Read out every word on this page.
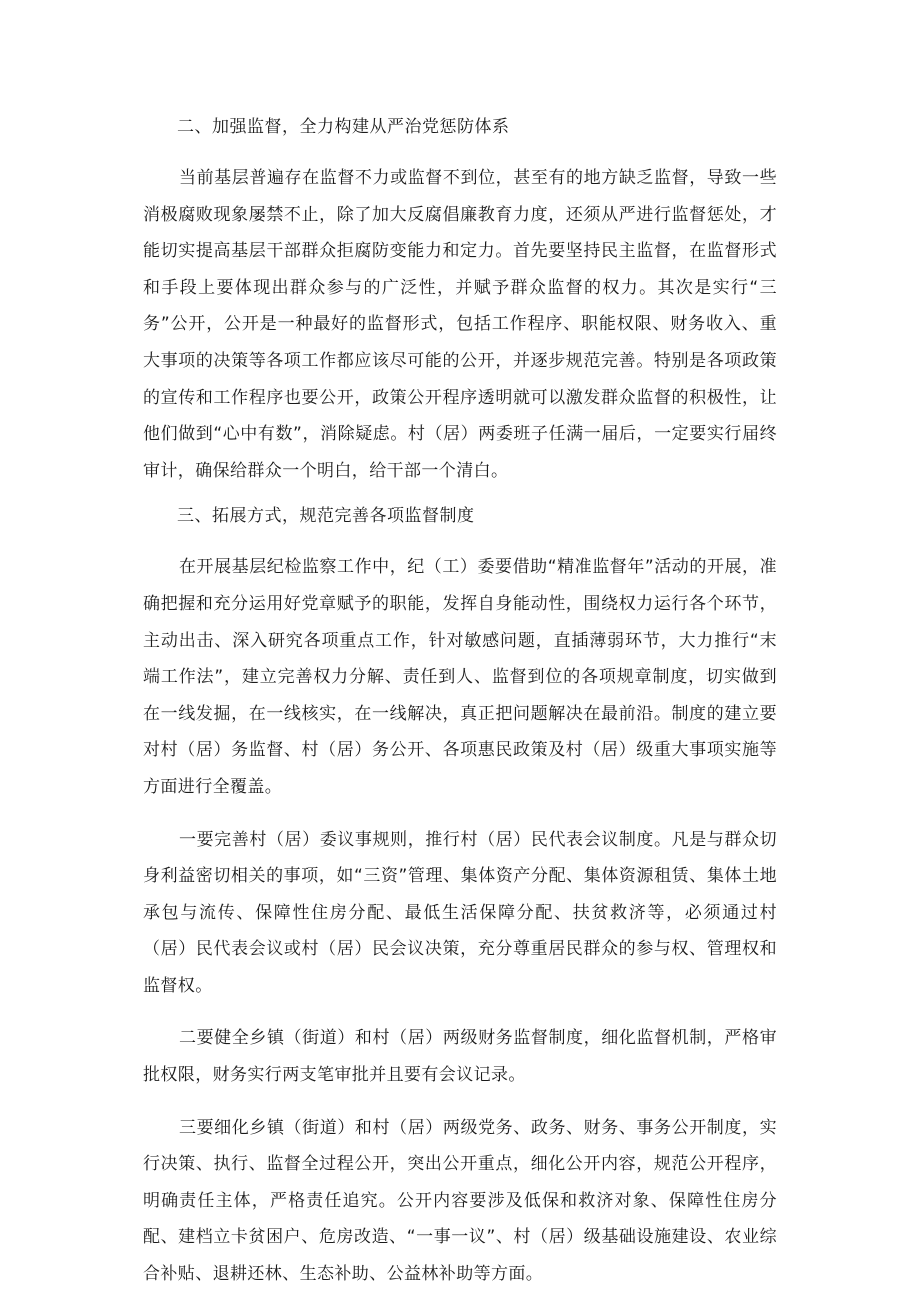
二、加强监督，全力构建从严治党惩防体系

当前基层普遍存在监督不力或监督不到位，甚至有的地方缺乏监督，导致一些消极腐败现象屡禁不止，除了加大反腐倡廉教育力度，还须从严进行监督惩处，才能切实提高基层干部群众拒腐防变能力和定力。首先要坚持民主监督，在监督形式和手段上要体现出群众参与的广泛性，并赋予群众监督的权力。其次是实行“三务”公开，公开是一种最好的监督形式，包括工作程序、职能权限、财务收入、重大事项的决策等各项工作都应该尽可能的公开，并逐步规范完善。特别是各项政策的宣传和工作程序也要公开，政策公开程序透明就可以激发群众监督的积极性，让他们做到“心中有数”，消除疑虑。村（居）两委班子任满一届后，一定要实行届终审计，确保给群众一个明白，给干部一个清白。

三、拓展方式，规范完善各项监督制度

在开展基层纪检监察工作中，纪（工）委要借助“精准监督年”活动的开展，准确把握和充分运用好党章赋予的职能，发挥自身能动性，围绕权力运行各个环节，主动出击、深入研究各项重点工作，针对敏感问题，直插薄弱环节，大力推行“末端工作法”，建立完善权力分解、责任到人、监督到位的各项规章制度，切实做到在一线发掘，在一线核实，在一线解决，真正把问题解决在最前沿。制度的建立要对村（居）务监督、村（居）务公开、各项惠民政策及村（居）级重大事项实施等方面进行全覆盖。

一要完善村（居）委议事规则，推行村（居）民代表会议制度。凡是与群众切身利益密切相关的事项，如“三资”管理、集体资产分配、集体资源租赁、集体土地承包与流传、保障性住房分配、最低生活保障分配、扶贫救济等，必须通过村（居）民代表会议或村（居）民会议决策，充分尊重居民群众的参与权、管理权和监督权。

二要健全乡镇（街道）和村（居）两级财务监督制度，细化监督机制，严格审批权限，财务实行两支笔审批并且要有会议记录。

三要细化乡镇（街道）和村（居）两级党务、政务、财务、事务公开制度，实行决策、执行、监督全过程公开，突出公开重点，细化公开内容，规范公开程序，明确责任主体，严格责任追究。公开内容要涉及低保和救济对象、保障性住房分配、建档立卡贫困户、危房改造、“一事一议”、村（居）级基础设施建设、农业综合补贴、退耕还林、生态补助、公益林补助等方面。
